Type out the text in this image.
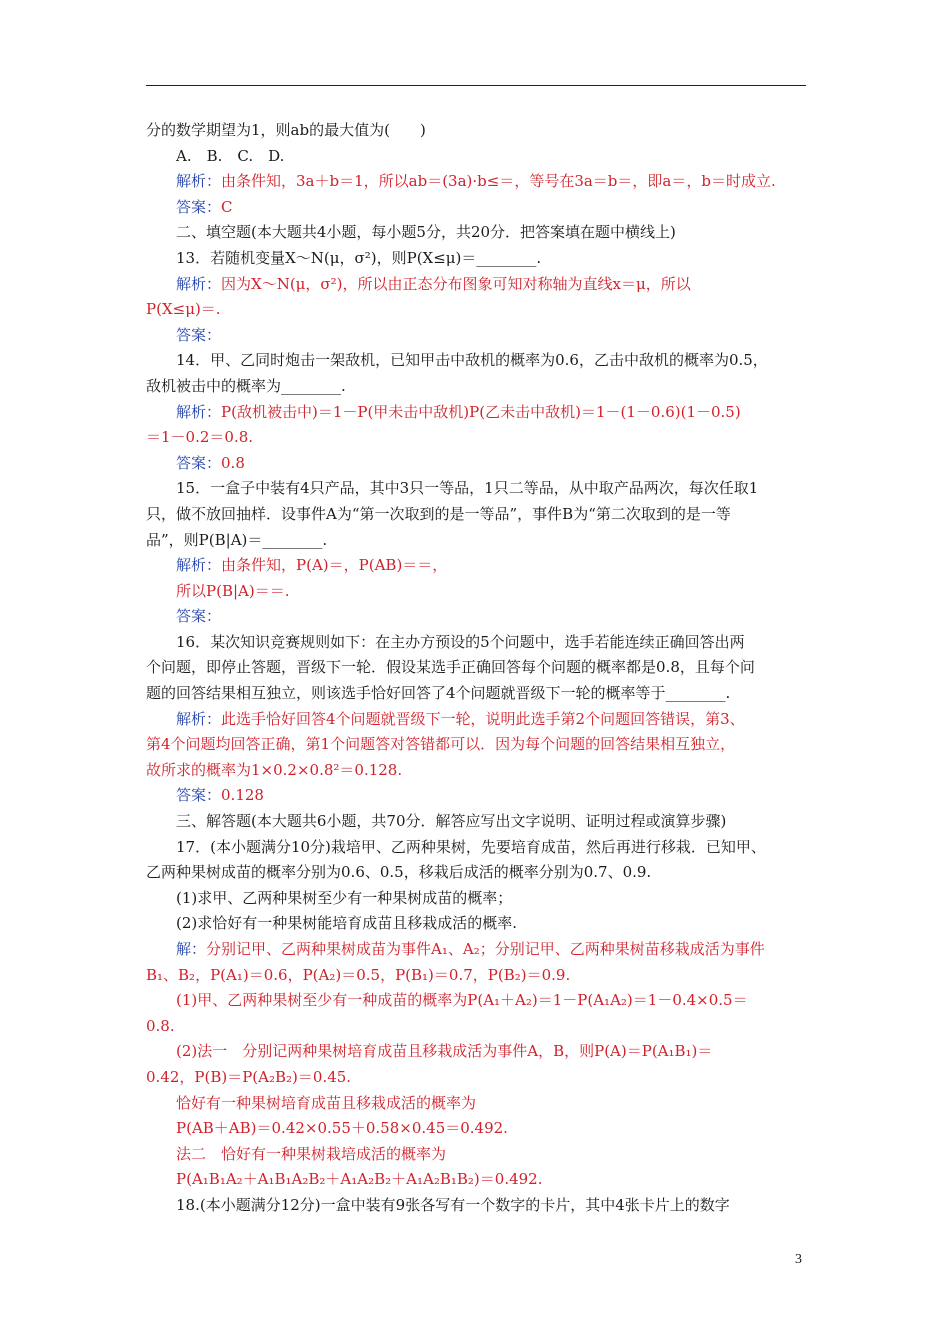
分的数学期望为1，则ab的最大值为(　　)
A.　B.　C.　D.
解析：由条件知，3a＋b＝1，所以ab＝(3a)·b≤＝，等号在3a＝b＝，即a＝，b＝时成立.
答案：C
二、填空题(本大题共4小题，每小题5分，共20分．把答案填在题中横线上)
13．若随机变量X～N(μ，σ²)，则P(X≤μ)＝________.
解析：因为X～N(μ，σ²)，所以由正态分布图象可知对称轴为直线x＝μ，所以
P(X≤μ)＝.
答案：
14．甲、乙同时炮击一架敌机，已知甲击中敌机的概率为0.6，乙击中敌机的概率为0.5，
敌机被击中的概率为________.
解析：P(敌机被击中)＝1－P(甲未击中敌机)P(乙未击中敌机)＝1－(1－0.6)(1－0.5)
＝1－0.2＝0.8.
答案：0.8
15．一盒子中装有4只产品，其中3只一等品，1只二等品，从中取产品两次，每次任取1
只，做不放回抽样．设事件A为“第一次取到的是一等品”，事件B为“第二次取到的是一等
品”，则P(B|A)＝________.
解析：由条件知，P(A)＝，P(AB)＝＝，
所以P(B|A)＝＝.
答案：
16．某次知识竞赛规则如下：在主办方预设的5个问题中，选手若能连续正确回答出两
个问题，即停止答题，晋级下一轮．假设某选手正确回答每个问题的概率都是0.8，且每个问
题的回答结果相互独立，则该选手恰好回答了4个问题就晋级下一轮的概率等于________.
解析：此选手恰好回答4个问题就晋级下一轮，说明此选手第2个问题回答错误，第3、
第4个问题均回答正确，第1个问题答对答错都可以．因为每个问题的回答结果相互独立，
故所求的概率为1×0.2×0.8²＝0.128.
答案：0.128
三、解答题(本大题共6小题，共70分．解答应写出文字说明、证明过程或演算步骤)
17．(本小题满分10分)栽培甲、乙两种果树，先要培育成苗，然后再进行移栽．已知甲、
乙两种果树成苗的概率分别为0.6、0.5，移栽后成活的概率分别为0.7、0.9.
(1)求甲、乙两种果树至少有一种果树成苗的概率；
(2)求恰好有一种果树能培育成苗且移栽成活的概率.
解：分别记甲、乙两种果树成苗为事件A₁、A₂；分别记甲、乙两种果树苗移栽成活为事件
B₁、B₂，P(A₁)＝0.6，P(A₂)＝0.5，P(B₁)＝0.7，P(B₂)＝0.9.
(1)甲、乙两种果树至少有一种成苗的概率为P(A₁＋A₂)＝1－P(A₁A₂)＝1－0.4×0.5＝
0.8.
(2)法一　分别记两种果树培育成苗且移栽成活为事件A，B，则P(A)＝P(A₁B₁)＝
0.42，P(B)＝P(A₂B₂)＝0.45.
恰好有一种果树培育成苗且移栽成活的概率为
P(AB＋AB)＝0.42×0.55＋0.58×0.45＝0.492.
法二　恰好有一种果树栽培成活的概率为
P(A₁B₁A₂＋A₁B₁A₂B₂＋A₁A₂B₂＋A₁A₂B₁B₂)＝0.492.
18.(本小题满分12分)一盒中装有9张各写有一个数字的卡片，其中4张卡片上的数字
3
